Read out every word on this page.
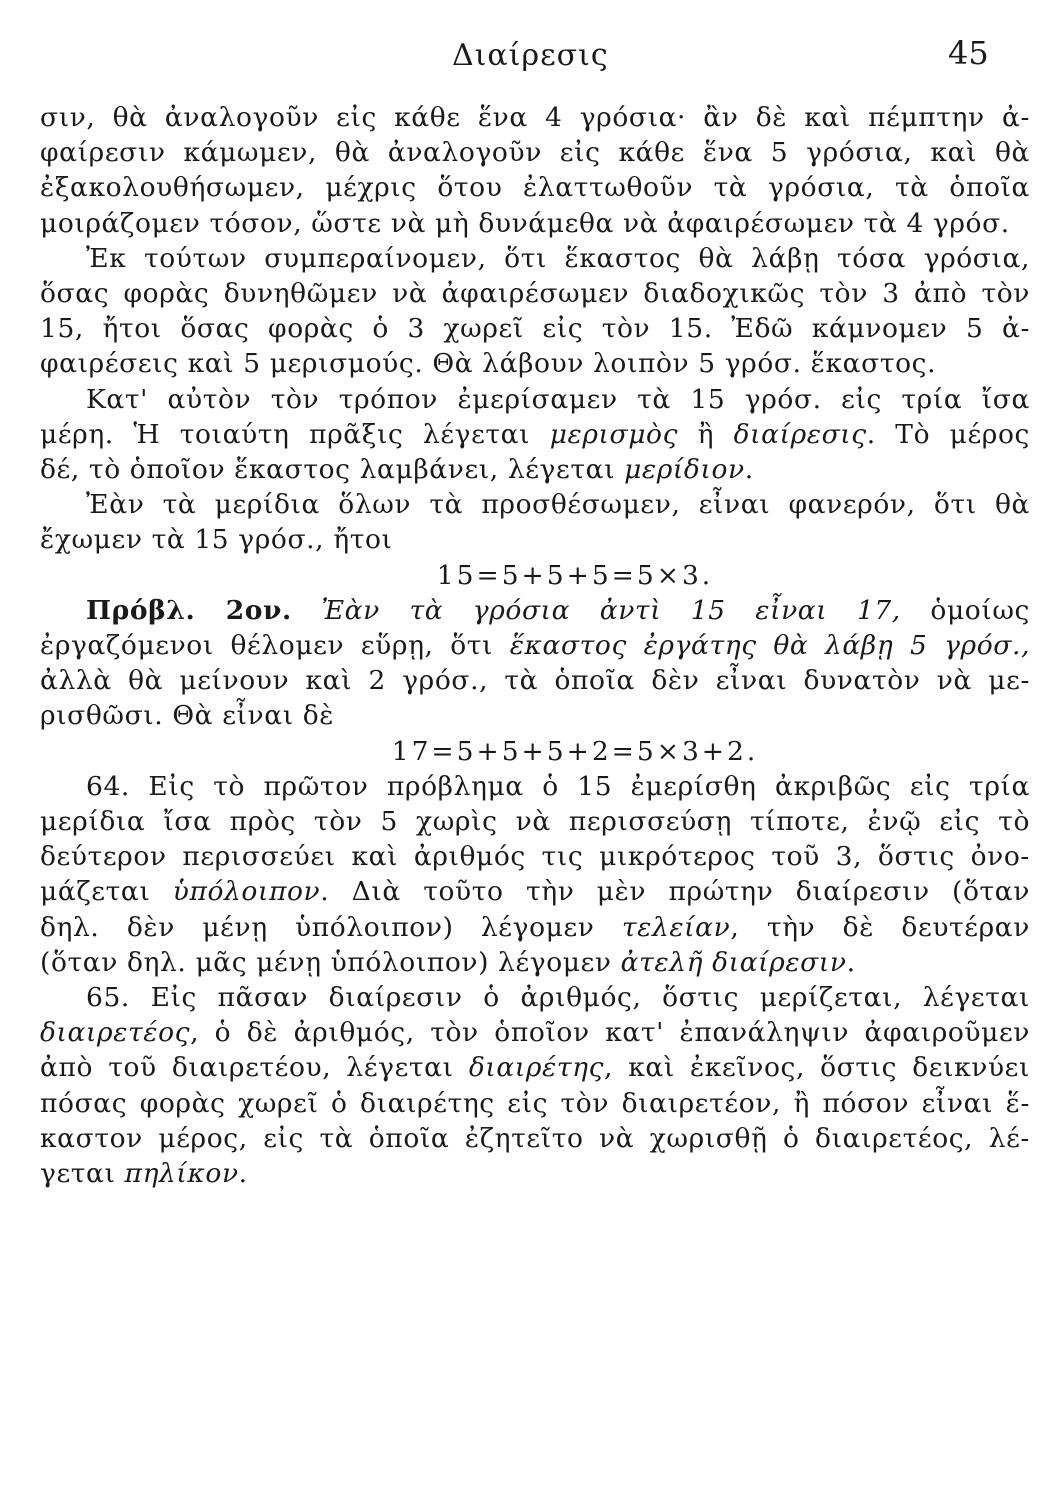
Διαίρεσις	45
σιν, θὰ ἀναλογοῦν εἰς κάθε ἕνα 4 γρόσια· ἂν δὲ καὶ πέμπτην ἀ-
φαίρεσιν κάμωμεν, θὰ ἀναλογοῦν εἰς κάθε ἕνα 5 γρόσια, καὶ θὰ
ἐξακολουθήσωμεν, μέχρις ὅτου ἐλαττωθοῦν τὰ γρόσια, τὰ ὁποῖα
μοιράζομεν τόσον, ὥστε νὰ μὴ δυνάμεθα νὰ ἀφαιρέσωμεν τὰ 4 γρόσ.
Ἐκ τούτων συμπεραίνομεν, ὅτι ἕκαστος θὰ λάβῃ τόσα γρόσια,
ὅσας φορὰς δυνηθῶμεν νὰ ἀφαιρέσωμεν διαδοχικῶς τὸν 3 ἀπὸ τὸν
15, ἤτοι ὅσας φορὰς ὁ 3 χωρεῖ εἰς τὸν 15. Ἐδῶ κάμνομεν 5 ἀ-
φαιρέσεις καὶ 5 μερισμούς. Θὰ λάβουν λοιπὸν 5 γρόσ. ἕκαστος.
Κατ' αὐτὸν τὸν τρόπον ἐμερίσαμεν τὰ 15 γρόσ. εἰς τρία ἴσα
μέρη. Ἡ τοιαύτη πρᾶξις λέγεται μερισμὸς ἢ διαίρεσις. Τὸ μέρος
δέ, τὸ ὁποῖον ἕκαστος λαμβάνει, λέγεται μερίδιον.
Ἐὰν τὰ μερίδια ὅλων τὰ προσθέσωμεν, εἶναι φανερόν, ὅτι θὰ
ἔχωμεν τὰ 15 γρόσ., ἤτοι
15=5+5+5=5×3.
Πρόβλ. 2ον. Ἐὰν τὰ γρόσια ἀντὶ 15 εἶναι 17, ὁμοίως
ἐργαζόμενοι θέλομεν εὕρῃ, ὅτι ἕκαστος ἐργάτης θὰ λάβῃ 5 γρόσ.,
ἀλλὰ θὰ μείνουν καὶ 2 γρόσ., τὰ ὁποῖα δὲν εἶναι δυνατὸν νὰ με-
ρισθῶσι. Θὰ εἶναι δὲ
17=5+5+5+2=5×3+2.
64. Εἰς τὸ πρῶτον πρόβλημα ὁ 15 ἐμερίσθη ἀκριβῶς εἰς τρία
μερίδια ἴσα πρὸς τὸν 5 χωρὶς νὰ περισσεύσῃ τίποτε, ἐνῷ εἰς τὸ
δεύτερον περισσεύει καὶ ἀριθμός τις μικρότερος τοῦ 3, ὅστις ὀνο-
μάζεται ὑπόλοιπον. Διὰ τοῦτο τὴν μὲν πρώτην διαίρεσιν (ὅταν
δηλ. δὲν μένῃ ὑπόλοιπον) λέγομεν τελείαν, τὴν δὲ δευτέραν
(ὅταν δηλ. μᾶς μένῃ ὑπόλοιπον) λέγομεν ἀτελῆ διαίρεσιν.
65. Εἰς πᾶσαν διαίρεσιν ὁ ἀριθμός, ὅστις μερίζεται, λέγεται
διαιρετέος, ὁ δὲ ἀριθμός, τὸν ὁποῖον κατ' ἐπανάληψιν ἀφαιροῦμεν
ἀπὸ τοῦ διαιρετέου, λέγεται διαιρέτης, καὶ ἐκεῖνος, ὅστις δεικνύει
πόσας φορὰς χωρεῖ ὁ διαιρέτης εἰς τὸν διαιρετέον, ἢ πόσον εἶναι ἕ-
καστον μέρος, εἰς τὰ ὁποῖα ἐζητεῖτο νὰ χωρισθῇ ὁ διαιρετέος, λέ-
γεται πηλίκον.
